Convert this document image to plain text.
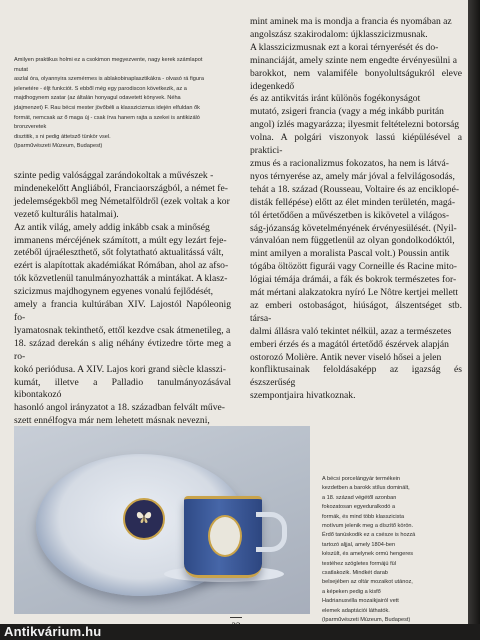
Amilyen praktikus holmi ez a csokimon megyezvente, nagy kerek számlapot mutat
aszlal óra, olyannyira szemérmes is ablakobinaplasztikákra - olvasó rá figura
jelenetére - éljt funkciót. S ebből még egy parodiscon következik, az a
majdhogynem szatar (az általán honyagul odavetett könyvek. Néha
jdajmenzet) F. Rau bécsi mester jövőbéli a klasszicizmus idején elfuldan ők
formát, nemcsak az ő maga új - csak írva hanem rajta a szekei is antikizáló bronzveretek
disztitik, s ni pedig áttetsző tünkör vsel.
(Iparművészeti Múzeum, Budapest)

szinte pedig valósággal zarándokoltak a művészek -
mindenekelőtt Angliából, Franciaországból, a német fe-
jedelemségekből meg Németalföldről (ezek voltak a kor
vezető kulturális hatalmai).
Az antik világ, amely addig inkább csak a minőség
immanens mércéjének számított, a múlt egy lezárt feje-
zetéből újraéleszthető, sőt folytatható aktualitássá vált,
ezért is alapítottak akadémiákat Rómában, ahol az afso-
tók közvetlenül tanulmányozhatták a mintákat. A klasz-
szicizmus majdhogynem egyenes vonalú fejlődését,
amely a francia kultúrában XIV. Lajostól Napóleonig fo-
lyamatosnak tekinthető, ettől kezdve csak átmenetileg, a
18. század derekán s alig néhány évtizedre törte meg a ro-
kokó periódusa. A XIV. Lajos kori grand siècle klasszi-
kumát, illetve a Palladio tanulmányozásával kibontakozó
hasonló angol irányzatot a 18. században felvált műve-
szett ennélfogva már nem lehetett másnak nevezni,

mint aminek ma is mondja a francia és nyomában az
angolszász szakirodalom: újklasszicizmusnak.
A klasszicizmusnak ezt a korai térnyerését és do-
minanciáját, amely szinte nem engedte érvényesülni a
barokkot, nem valamiféle bonyolultságukról eleve idegenkedő
és az antikvitás iránt különös fogékonyságot
mutató, zsigeri francia (vagy a még inkább puritán
angol) ízlés magyarázza; ilyesmit feltételezni botorság
volna. A polgári viszonyok lassú kiépülésével a praktici-
zmus és a racionalizmus fokozatos, ha nem is látvá-
nyos térnyerése az, amely már jóval a felvilágosodás,
tehát a 18. század (Rousseau, Voltaire és az enciklopé-
disták fellépése) előtt az élet minden területén, magá-
tól értetődően a művészetben is kikövetel a világos-
ság-józanság követelményének érvényesülését. (Nyil-
vánvalóan nem függetlenül az olyan gondolkodóktól,
mint amilyen a moralista Pascal volt.) Poussin antik
tógába öltözött figurái vagy Corneille és Racine mito-
lógiai témája drámái, a fák és bokrok természetes for-
mát mértani alakzatokra nyíró Le Nôtre kertjei mellett
az emberi ostobaságot, hiúságot, álszentséget stb. társa-
dalmi állásra való tekintet nélkül, azaz a természetes
emberi érzés és a magától értetődő észérvek alapján
ostorozó Molière. Antik never viseló hősei a jelen
konfliktusainak feloldásaképp az igazság és észszerűség
szempontjaira hivatkoznak.

A bécsi porcelángyár termékein
kezdetben a barokk stílus dominált,
a 18. század végétől azonban
fokozatosan egyeduralkodó a
formák, és mind több klasszicista
motívum jelenik meg a díszítő körön.
Érdő tanúskodik ez a csésze is hozzá
tartozó aljjal, amely 1804-ben
készült, és amelynek ormú hengeres
testéhez szögletes formájú fül
csatlakozik. Mindkét darab
belsejében az oltár mozaikot utánoz,
a képeken pedig a kisfő
Hadrianusvilla mozaikjairól vett
elemek adaptációi láthatók.
(Iparművészeti Múzeum, Budapest)

Antikvárium.hu
